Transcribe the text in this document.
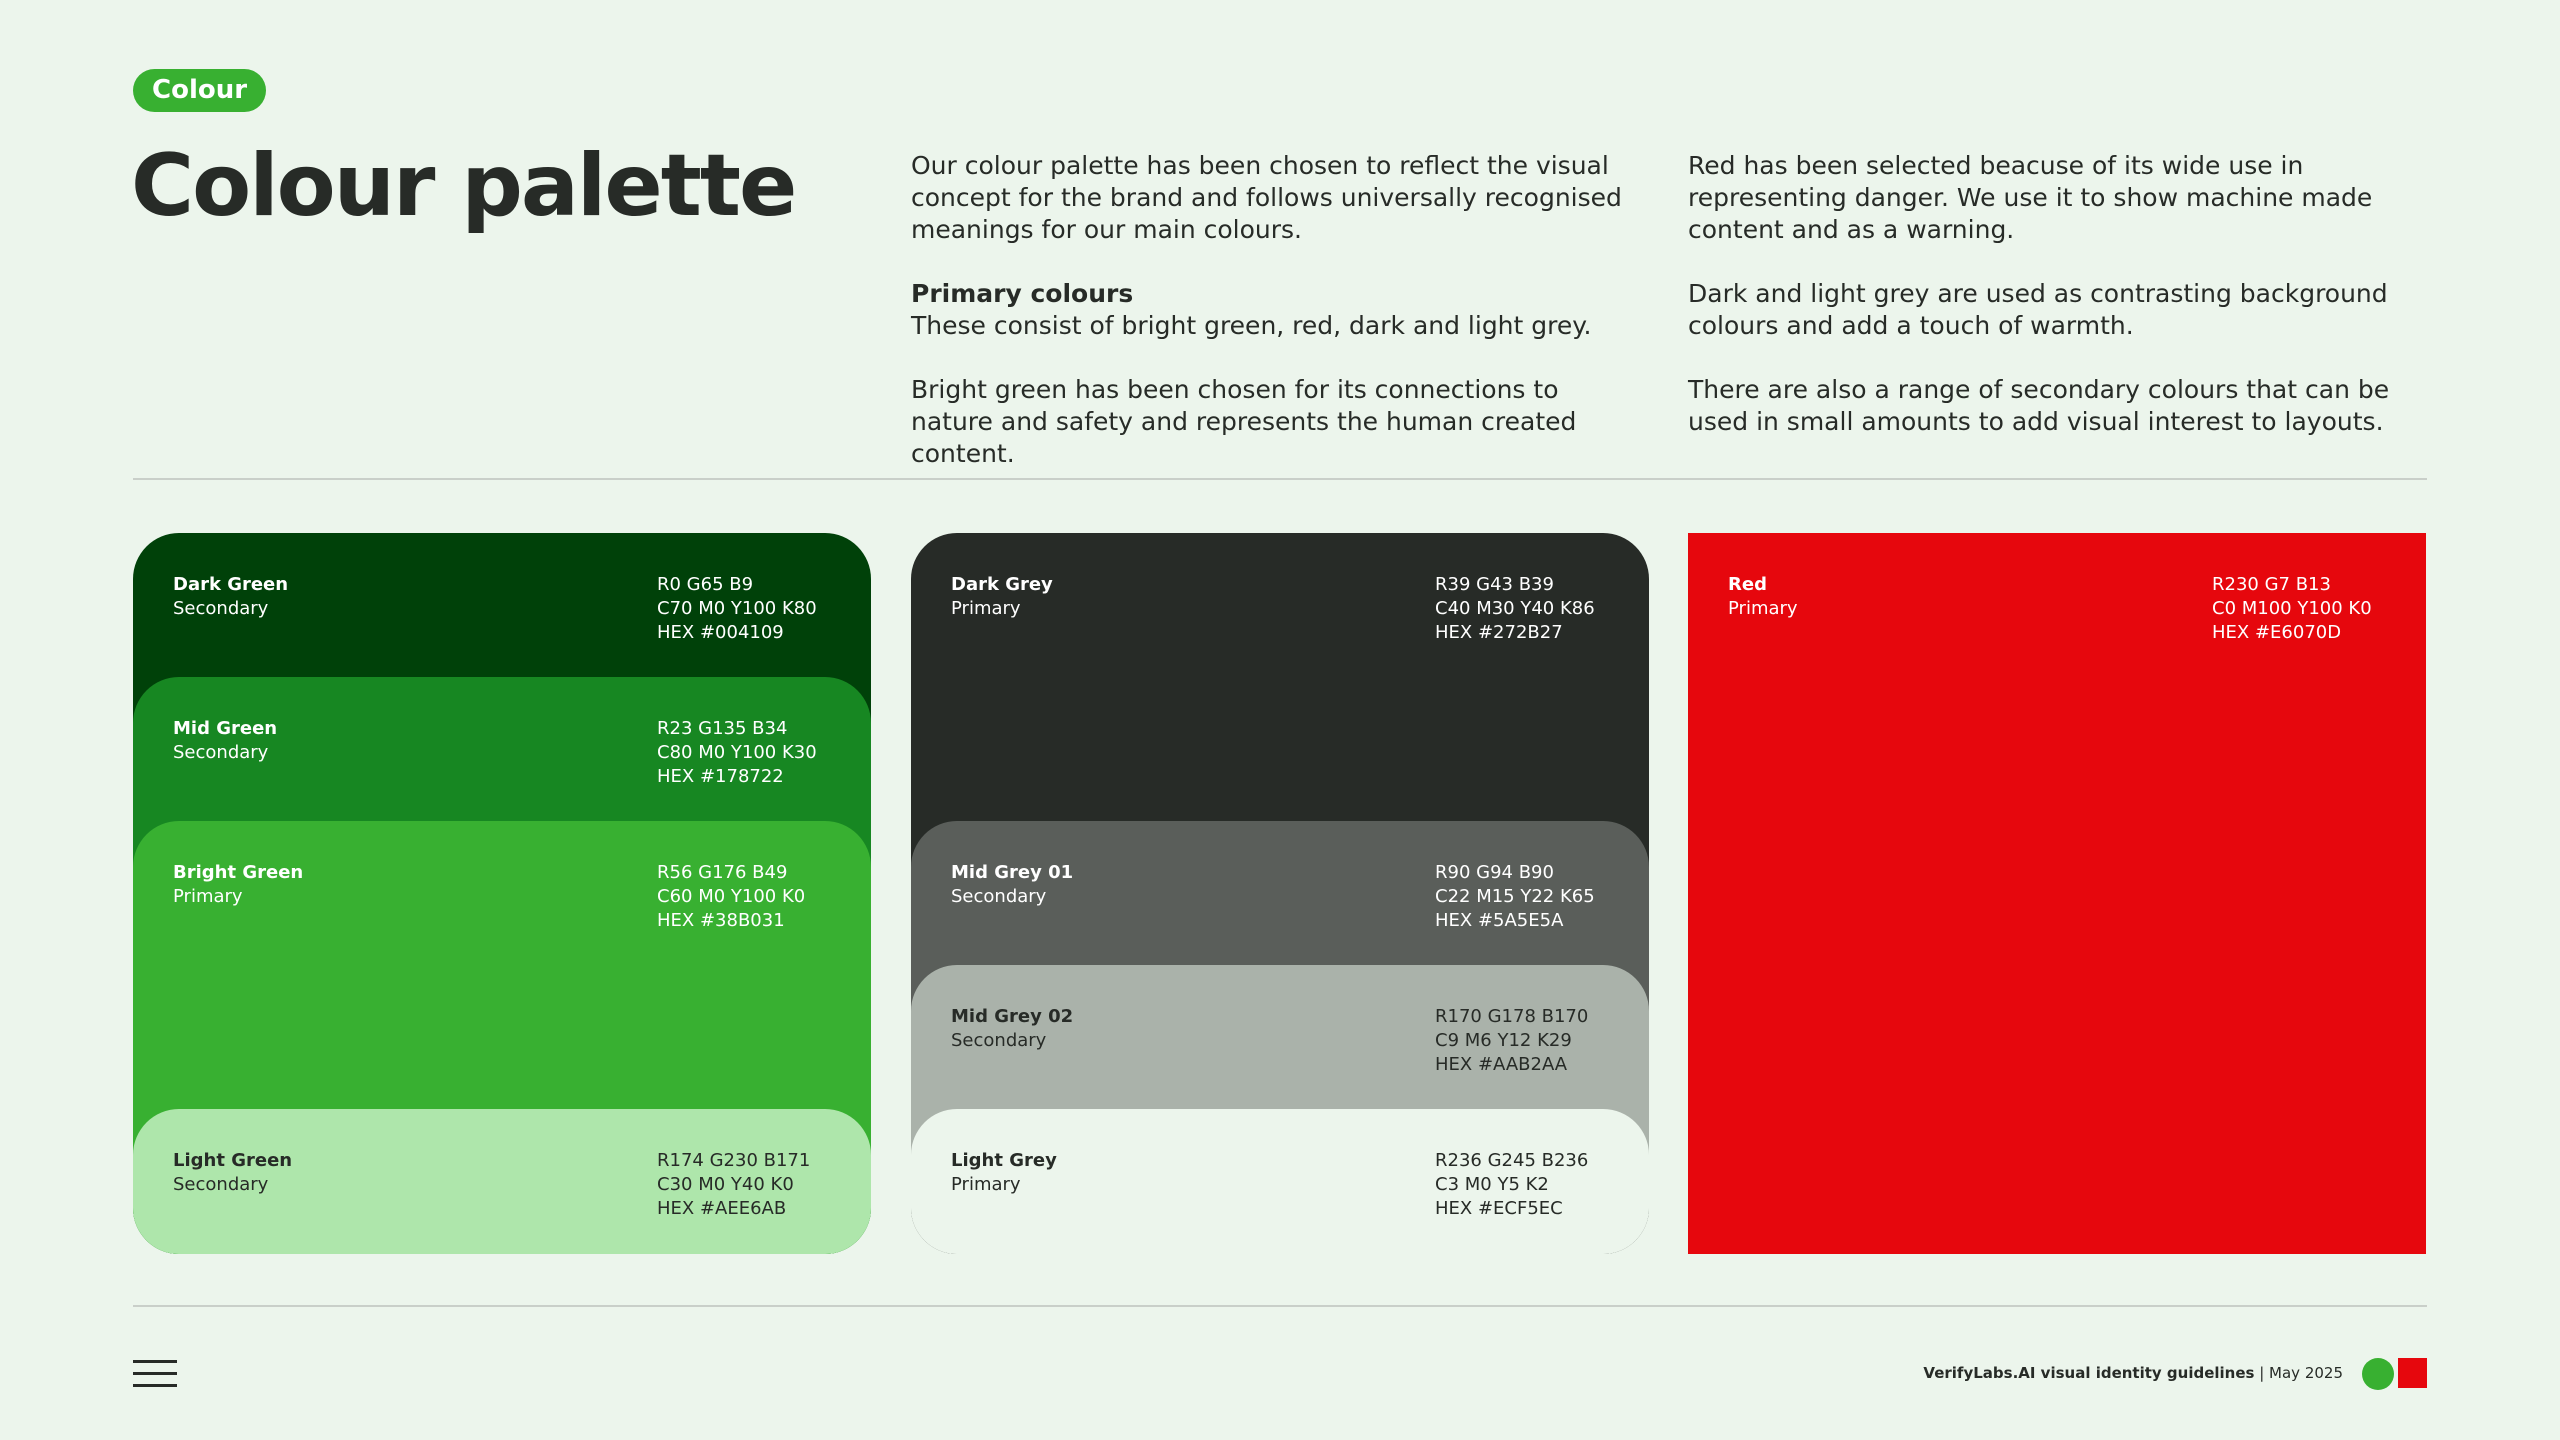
Colour
Colour palette	Our colour palette has been chosen to reflect the visual concept for the brand and follows universally recognised meanings for our main colours.

Primary colours
These consist of bright green, red, dark and light grey.

Bright green has been chosen for its connections to nature and safety and represents the human created content.

Red has been selected beacuse of its wide use in representing danger. We use it to show machine made content and as a warning.

Dark and light grey are used as contrasting background colours and add a touch of warmth.

There are also a range of secondary colours that can be used in small amounts to add visual interest to layouts.

Dark Green
Secondary
R0 G65 B9
C70 M0 Y100 K80
HEX #004109
Mid Green
Secondary
R23 G135 B34
C80 M0 Y100 K30
HEX #178722
Bright Green
Primary
R56 G176 B49
C60 M0 Y100 K0
HEX #38B031
Light Green
Secondary
R174 G230 B171
C30 M0 Y40 K0
HEX #AEE6AB
Dark Grey
Primary
R39 G43 B39
C40 M30 Y40 K86
HEX #272B27
Mid Grey 01
Secondary
R90 G94 B90
C22 M15 Y22 K65
HEX #5A5E5A
Mid Grey 02
Secondary
R170 G178 B170
C9 M6 Y12 K29
HEX #AAB2AA
Light Grey
Primary
R236 G245 B236
C3 M0 Y5 K2
HEX #ECF5EC
Red
Primary
R230 G7 B13
C0 M100 Y100 K0
HEX #E6070D
VerifyLabs.AI visual identity guidelines | May 2025
